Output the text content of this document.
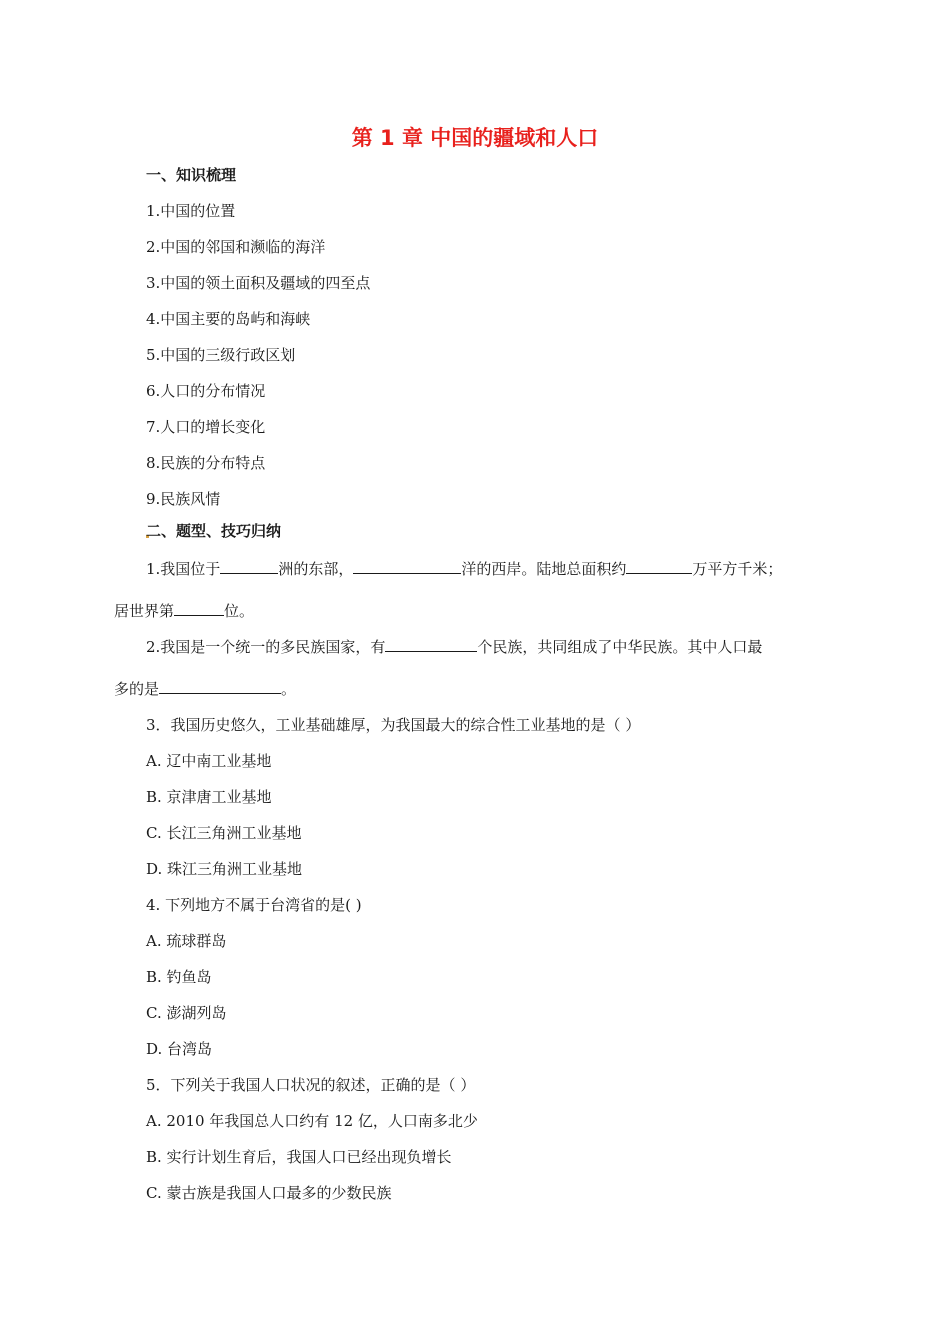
第 1 章 中国的疆域和人口
一、知识梳理
1.中国的位置
2.中国的邻国和濒临的海洋
3.中国的领土面积及疆域的四至点
4.中国主要的岛屿和海峡
5.中国的三级行政区划
6.人口的分布情况
7.人口的增长变化
8.民族的分布特点
9.民族风情
二、题型、技巧归纳
1.我国位于	洲的东部，	洋的西岸。陆地总面积约	万平方千米；
居世界第	位。
2.我国是一个统一的多民族国家，有	个民族，共同组成了中华民族。其中人口最
多的是	。
3．我国历史悠久，工业基础雄厚，为我国最大的综合性工业基地的是（ ）
A. 辽中南工业基地
B. 京津唐工业基地
C. 长江三角洲工业基地
D. 珠江三角洲工业基地
4. 下列地方不属于台湾省的是( )
A. 琉球群岛
B. 钓鱼岛
C. 澎湖列岛
D. 台湾岛
5．下列关于我国人口状况的叙述，正确的是（ ）
A. 2010 年我国总人口约有 12 亿，人口南多北少
B. 实行计划生育后，我国人口已经出现负增长
C. 蒙古族是我国人口最多的少数民族
